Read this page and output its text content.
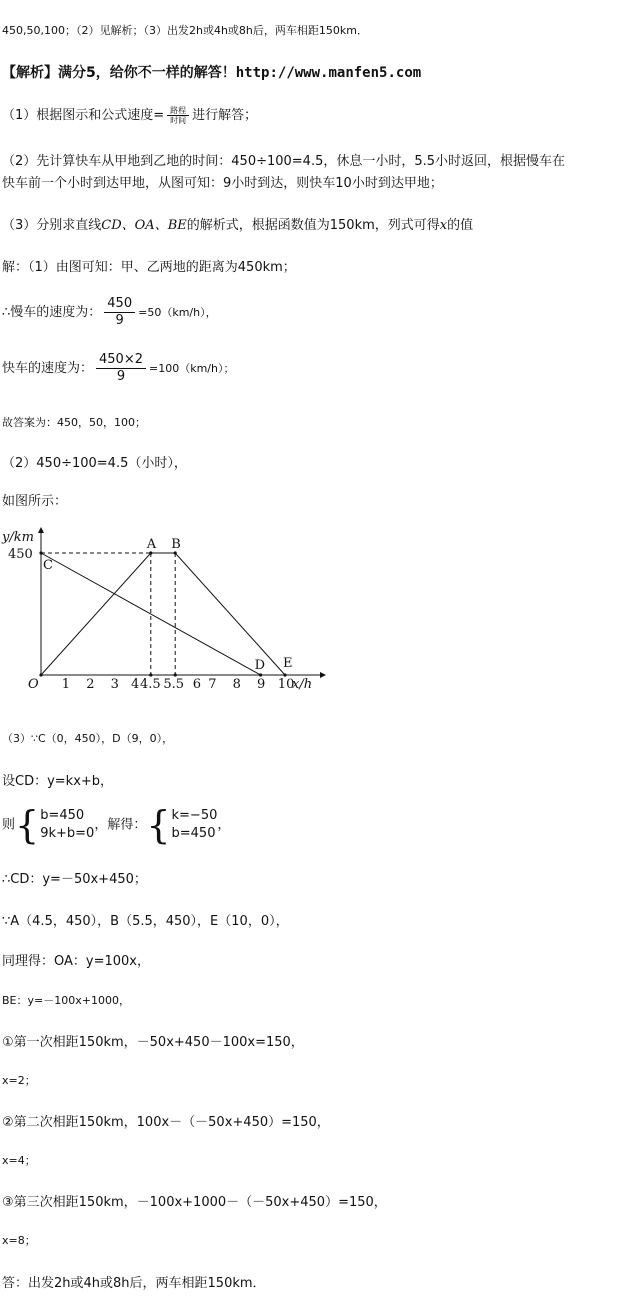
450,50,100；（2）见解析；（3）出发2h或4h或8h后，两车相距150km．
【解析】满分5，给你不一样的解答！http://www.manfen5.com
（1）根据图示和公式速度= $\frac{\text{路程}}{\text{时间}}$ 进行解答；
（2）先计算快车从甲地到乙地的时间：450÷100=4.5，休息一小时，5.5小时返回，根据慢车在
快车前一个小时到达甲地，从图可知：9小时到达，则快车10小时到达甲地；
（3）分别求直线CD、OA、BE的解析式，根据函数值为150km，列式可得x的值
解：（1）由图可知：甲、乙两地的距离为450km；
∴慢车的速度为： $\frac{450}{9} =50(km/h)$，
快车的速度为： $\frac{450\times 2}{9} =100(km/h)$；
故答案为：450，50，100；
（2）450÷100=4.5（小时），
如图所示：
y/km
x/h
450
O 1 2 3 4 4.5 5.5 6 7 8 9 10
A B
C
D E
（3）∵C（0，450），D（9，0），
设CD：y=kx+b，
则 { b=450
9k+b=0
，解得： { k=−50
b=450
，
∴CD：y=－50x+450；
∵A（4.5，450），B（5.5，450），E（10，0），
同理得：OA：y=100x，
BE：y=－100x+1000，
①第一次相距150km，－50x+450－100x=150，
x=2；
②第二次相距150km，100x－（－50x+450）=150，
x=4；
③第三次相距150km，－100x+1000－（－50x+450）=150，
x=8；
答：出发2h或4h或8h后，两车相距150km．
